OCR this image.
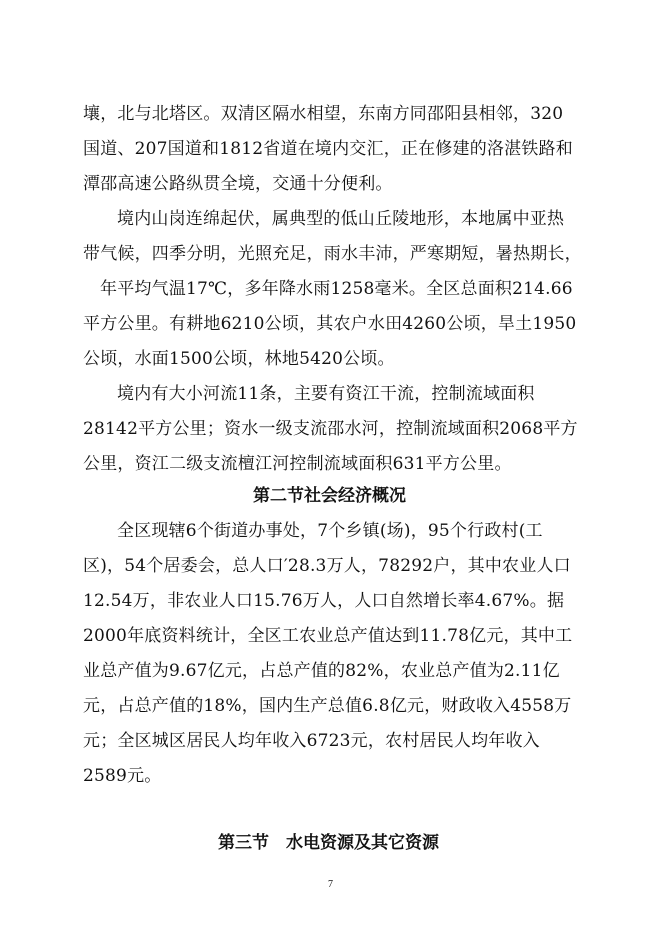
壤，北与北塔区。双清区隔水相望，东南方同邵阳县相邻，320
国道、207国道和1812省道在境内交汇，正在修建的洛湛铁路和
潭邵高速公路纵贯全境，交通十分便利。
境内山岗连绵起伏，属典型的低山丘陵地形，本地属中亚热
带气候，四季分明，光照充足，雨水丰沛，严寒期短，暑热期长，
年平均气温17℃，多年降水雨1258毫米。全区总面积214.66
平方公里。有耕地6210公顷，其农户水田4260公顷，旱土1950
公顷，水面1500公顷，林地5420公顷。
境内有大小河流11条，主要有资江干流，控制流域面积
28142平方公里；资水一级支流邵水河，控制流域面积2068平方
公里，资江二级支流檀江河控制流域面积631平方公里。
第二节社会经济概况
全区现辖6个街道办事处，7个乡镇(场)，95个行政村(工
区)，54个居委会，总人口′28.3万人，78292户，其中农业人口
12.54万，非农业人口15.76万人，人口自然增长率4.67%。据
2000年底资料统计，全区工农业总产值达到11.78亿元，其中工
业总产值为9.67亿元，占总产值的82%，农业总产值为2.11亿
元，占总产值的18%，国内生产总值6.8亿元，财政收入4558万
元；全区城区居民人均年收入6723元，农村居民人均年收入
2589元。
第三节　水电资源及其它资源
7
